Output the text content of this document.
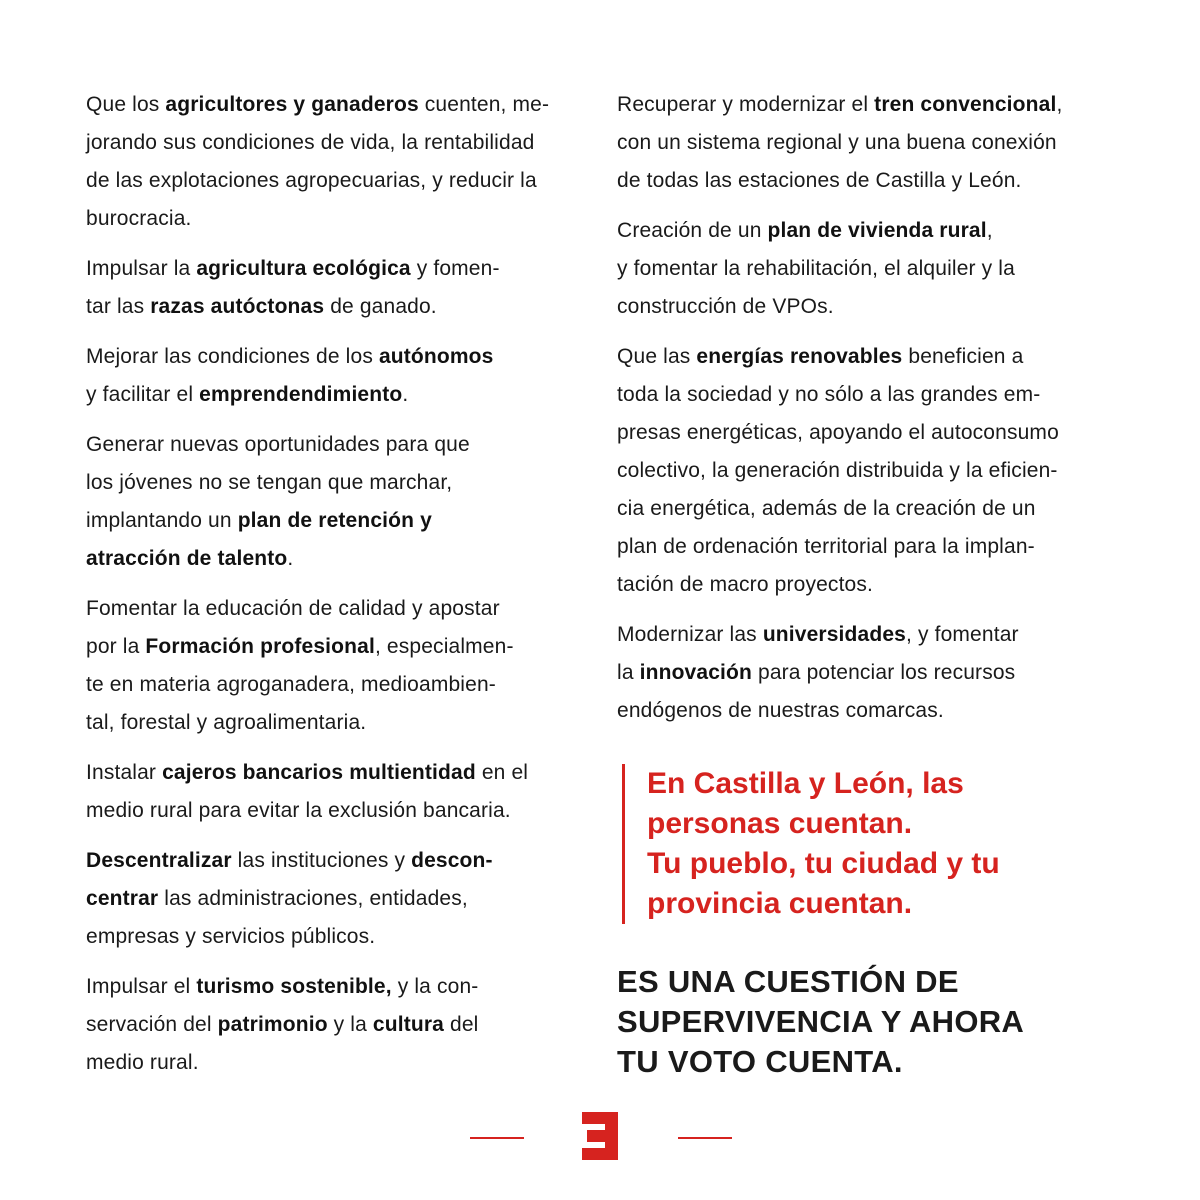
Que los agricultores y ganaderos cuenten, me-
jorando sus condiciones de vida, la rentabilidad
de las explotaciones agropecuarias, y reducir la
burocracia.

Impulsar la agricultura ecológica y fomen-
tar las razas autóctonas de ganado.

Mejorar las condiciones de los autónomos
y facilitar el emprendendimiento.

Generar nuevas oportunidades para que
los jóvenes no se tengan que marchar,
implantando un plan de retención y
atracción de talento.

Fomentar la educación de calidad y apostar
por la Formación profesional, especialmen-
te en materia agroganadera, medioambien-
tal, forestal y agroalimentaria.

Instalar cajeros bancarios multientidad en el
medio rural para evitar la exclusión bancaria.

Descentralizar las instituciones y descon-
centrar las administraciones, entidades,
empresas y servicios públicos.

Impulsar el turismo sostenible, y la con-
servación del patrimonio y la cultura del
medio rural.

Recuperar y modernizar el tren convencional,
con un sistema regional y una buena conexión
de todas las estaciones de Castilla y León.

Creación de un plan de vivienda rural,
y fomentar la rehabilitación, el alquiler y la
construcción de VPOs.

Que las energías renovables beneficien a
toda la sociedad y no sólo a las grandes em-
presas energéticas, apoyando el autoconsumo
colectivo, la generación distribuida y la eficien-
cia energética, además de la creación de un
plan de ordenación territorial para la implan-
tación de macro proyectos.

Modernizar las universidades, y fomentar
la innovación para potenciar los recursos
endógenos de nuestras comarcas.

En Castilla y León, las
personas cuentan.
Tu pueblo, tu ciudad y tu
provincia cuentan.
ES UNA CUESTIÓN DE
SUPERVIVENCIA Y AHORA
TU VOTO CUENTA.
